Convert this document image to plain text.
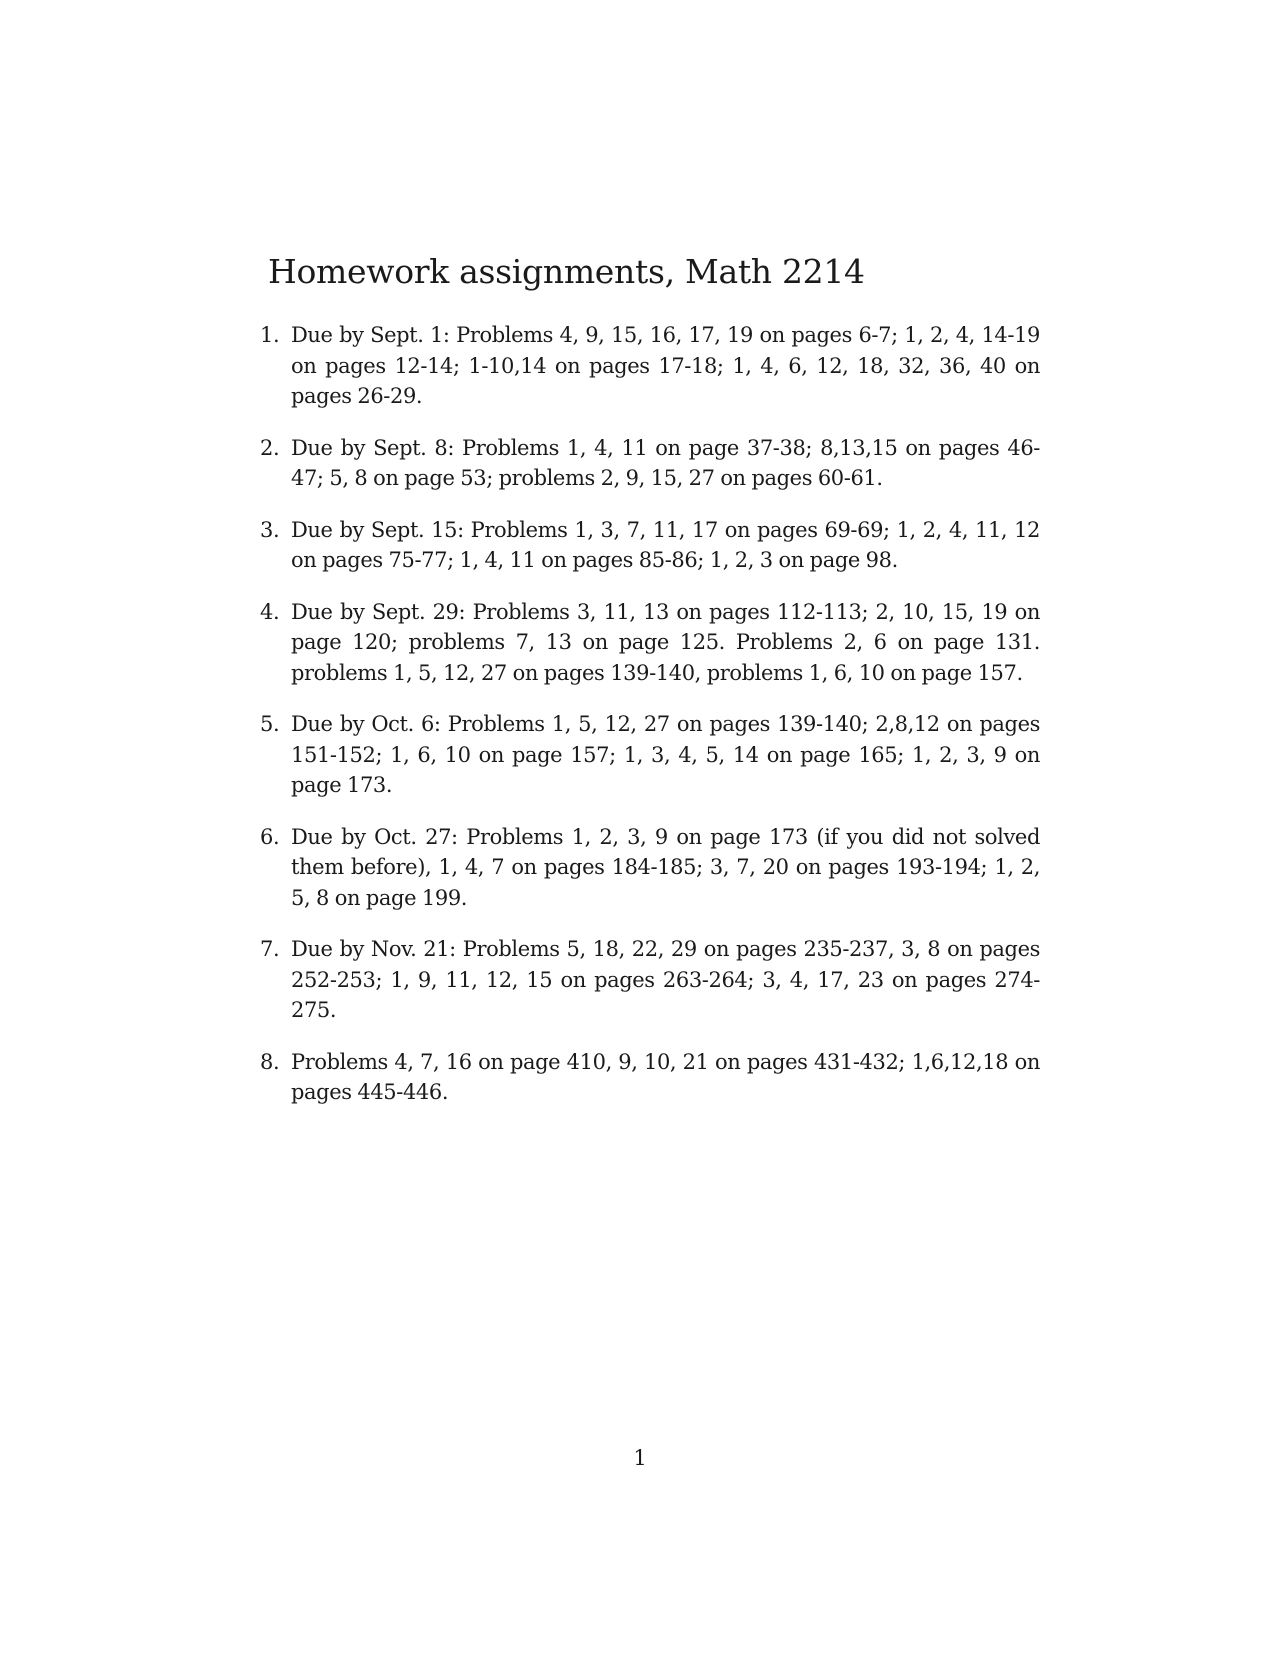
Homework assignments, Math 2214
1. Due by Sept. 1: Problems 4, 9, 15, 16, 17, 19 on pages 6-7; 1, 2, 4, 14-19 on pages 12-14; 1-10,14 on pages 17-18; 1, 4, 6, 12, 18, 32, 36, 40 on pages 26-29.
2. Due by Sept. 8: Problems 1, 4, 11 on page 37-38; 8,13,15 on pages 46-47; 5, 8 on page 53; problems 2, 9, 15, 27 on pages 60-61.
3. Due by Sept. 15: Problems 1, 3, 7, 11, 17 on pages 69-69; 1, 2, 4, 11, 12 on pages 75-77; 1, 4, 11 on pages 85-86; 1, 2, 3 on page 98.
4. Due by Sept. 29: Problems 3, 11, 13 on pages 112-113; 2, 10, 15, 19 on page 120; problems 7, 13 on page 125. Problems 2, 6 on page 131. problems 1, 5, 12, 27 on pages 139-140, problems 1, 6, 10 on page 157.
5. Due by Oct. 6: Problems 1, 5, 12, 27 on pages 139-140; 2,8,12 on pages 151-152; 1, 6, 10 on page 157; 1, 3, 4, 5, 14 on page 165; 1, 2, 3, 9 on page 173.
6. Due by Oct. 27: Problems 1, 2, 3, 9 on page 173 (if you did not solved them before), 1, 4, 7 on pages 184-185; 3, 7, 20 on pages 193-194; 1, 2, 5, 8 on page 199.
7. Due by Nov. 21: Problems 5, 18, 22, 29 on pages 235-237, 3, 8 on pages 252-253; 1, 9, 11, 12, 15 on pages 263-264; 3, 4, 17, 23 on pages 274-275.
8. Problems 4, 7, 16 on page 410, 9, 10, 21 on pages 431-432; 1,6,12,18 on pages 445-446.
1
